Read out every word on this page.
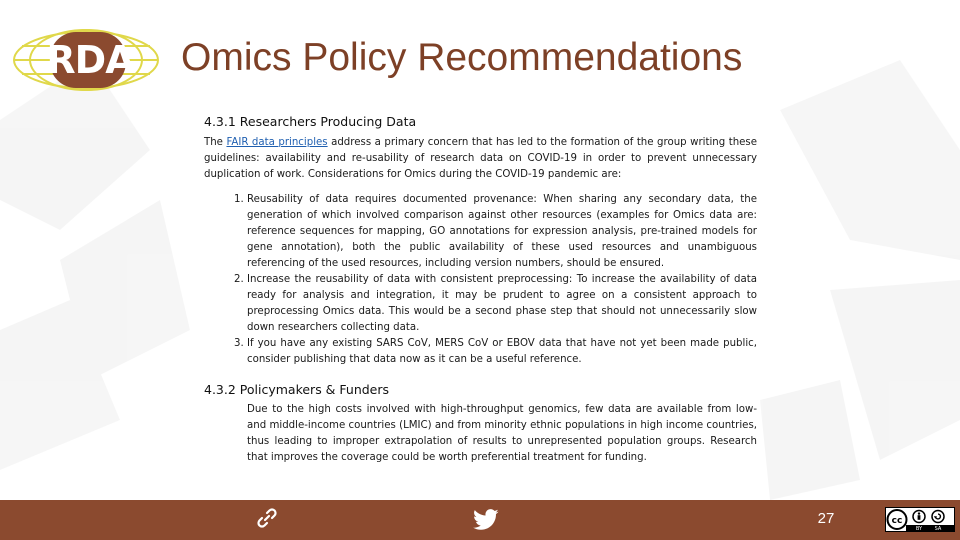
RDA Omics Policy Recommendations
4.3.1 Researchers Producing Data

The FAIR data principles address a primary concern that has led to the formation of the group writing these guidelines: availability and re-usability of research data on COVID-19 in order to prevent unnecessary duplication of work. Considerations for Omics during the COVID-19 pandemic are:

1. Reusability of data requires documented provenance: When sharing any secondary data, the generation of which involved comparison against other resources (examples for Omics data are: reference sequences for mapping, GO annotations for expression analysis, pre-trained models for gene annotation), both the public availability of these used resources and unambiguous referencing of the used resources, including version numbers, should be ensured.
2. Increase the reusability of data with consistent preprocessing: To increase the availability of data ready for analysis and integration, it may be prudent to agree on a consistent approach to preprocessing Omics data. This would be a second phase step that should not unnecessarily slow down researchers collecting data.
3. If you have any existing SARS CoV, MERS CoV or EBOV data that have not yet been made public, consider publishing that data now as it can be a useful reference.
4.3.2 Policymakers & Funders

Due to the high costs involved with high-throughput genomics, few data are available from low- and middle-income countries (LMIC) and from minority ethnic populations in high income countries, thus leading to improper extrapolation of results to unrepresented population groups. Research that improves the coverage could be worth preferential treatment for funding.

27	cc
BY	SA
